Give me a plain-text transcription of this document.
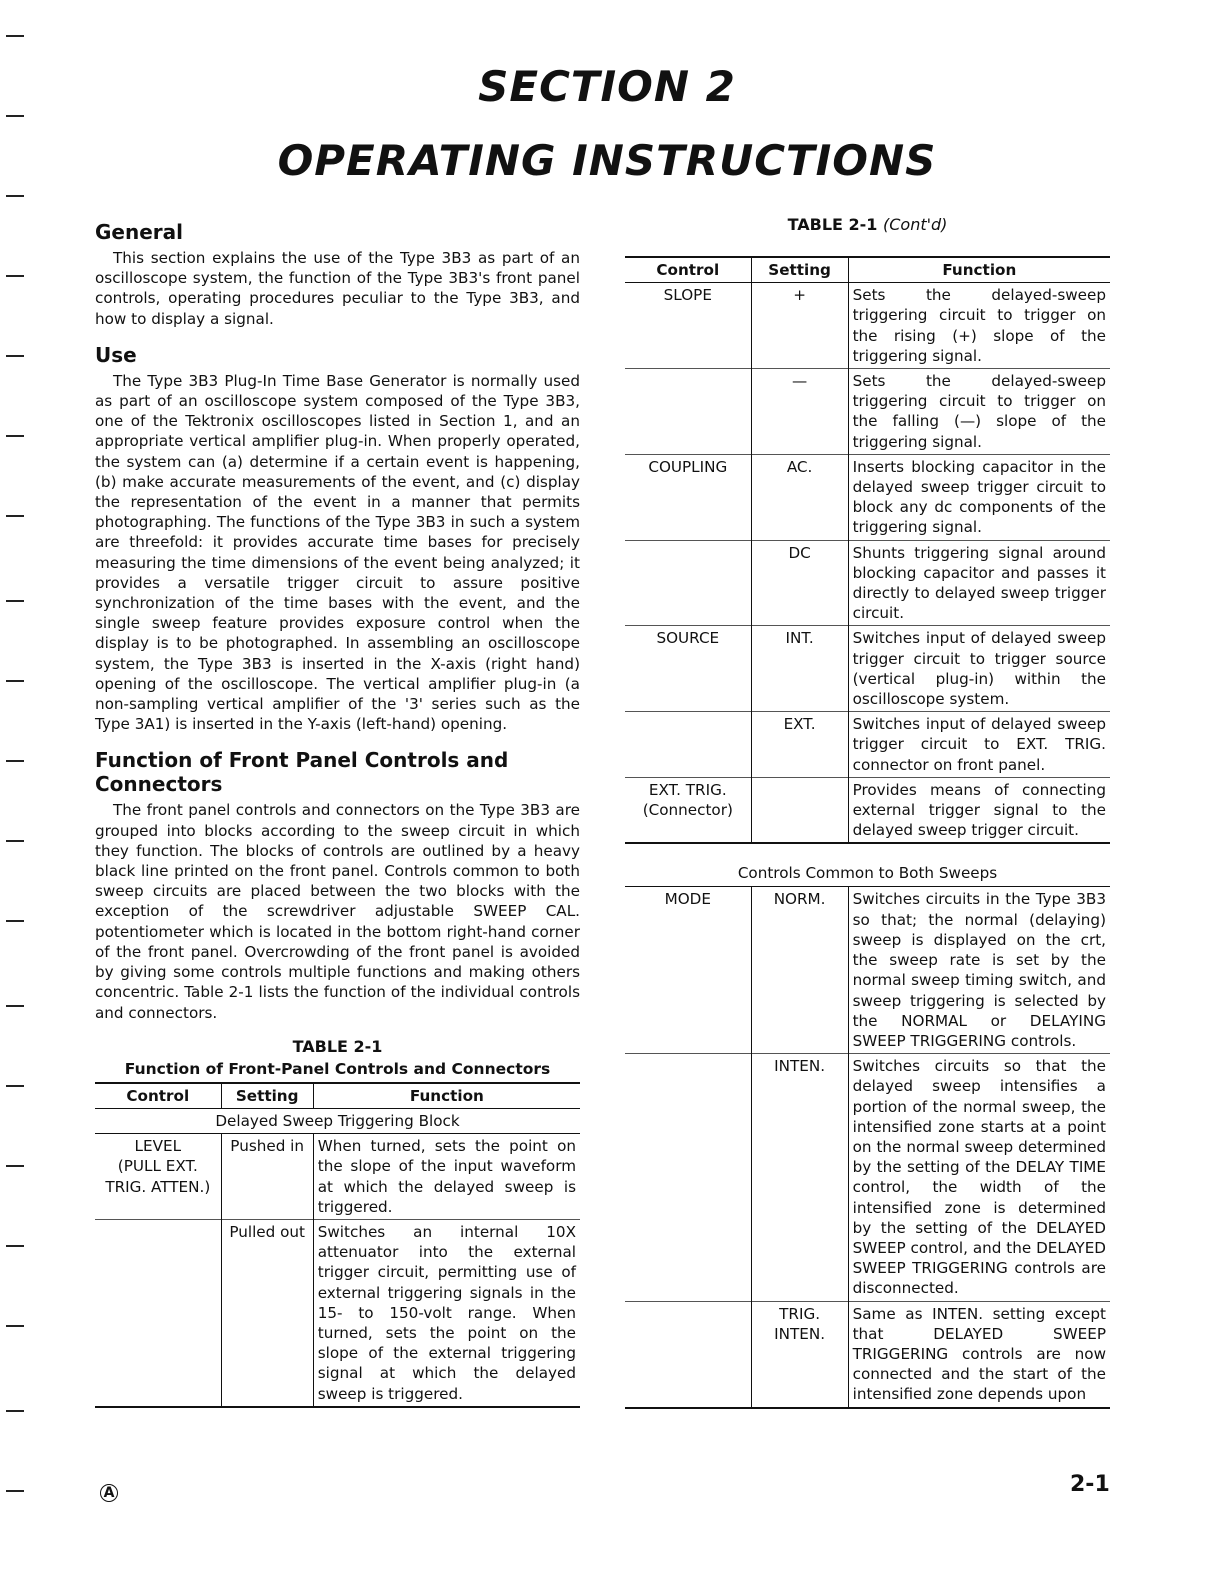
SECTION 2
OPERATING INSTRUCTIONS
General

This section explains the use of the Type 3B3 as part of an oscilloscope system, the function of the Type 3B3's front panel controls, operating procedures peculiar to the Type 3B3, and how to display a signal.

Use

The Type 3B3 Plug-In Time Base Generator is normally used as part of an oscilloscope system composed of the Type 3B3, one of the Tektronix oscilloscopes listed in Section 1, and an appropriate vertical amplifier plug-in. When properly operated, the system can (a) determine if a certain event is happening, (b) make accurate measurements of the event, and (c) display the representation of the event in a manner that permits photographing. The functions of the Type 3B3 in such a system are threefold: it provides accurate time bases for precisely measuring the time dimensions of the event being analyzed; it provides a versatile trigger circuit to assure positive synchronization of the time bases with the event, and the single sweep feature provides exposure control when the display is to be photographed. In assembling an oscilloscope system, the Type 3B3 is inserted in the X-axis (right hand) opening of the oscilloscope. The vertical amplifier plug-in (a non-sampling vertical amplifier of the '3' series such as the Type 3A1) is inserted in the Y-axis (left-hand) opening.

Function of Front Panel Controls and Connectors

The front panel controls and connectors on the Type 3B3 are grouped into blocks according to the sweep circuit in which they function. The blocks of controls are outlined by a heavy black line printed on the front panel. Controls common to both sweep circuits are placed between the two blocks with the exception of the screwdriver adjustable SWEEP CAL. potentiometer which is located in the bottom right-hand corner of the front panel. Overcrowding of the front panel is avoided by giving some controls multiple functions and making others concentric. Table 2-1 lists the function of the individual controls and connectors.

TABLE 2-1

Function of Front-Panel Controls and Connectors

Control	Setting	Function
Delayed Sweep Triggering Block		
LEVEL
(PULL EXT.
TRIG. ATTEN.)	Pushed in	When turned, sets the point on the slope of the input waveform at which the delayed sweep is triggered.
	Pulled out	Switches an internal 10X attenuator into the external trigger circuit, permitting use of external triggering signals in the 15- to 150-volt range. When turned, sets the point on the slope of the external triggering signal at which the delayed sweep is triggered.

TABLE 2-1 (Cont'd)

Control	Setting	Function
SLOPE	+	Sets the delayed-sweep triggering circuit to trigger on the rising (+) slope of the triggering signal.
	—	Sets the delayed-sweep triggering circuit to trigger on the falling (—) slope of the triggering signal.
COUPLING	AC.	Inserts blocking capacitor in the delayed sweep trigger circuit to block any dc components of the triggering signal.
	DC	Shunts triggering signal around blocking capacitor and passes it directly to delayed sweep trigger circuit.
SOURCE	INT.	Switches input of delayed sweep trigger circuit to trigger source (vertical plug-in) within the oscilloscope system.
	EXT.	Switches input of delayed sweep trigger circuit to EXT. TRIG. connector on front panel.
EXT. TRIG.
(Connector)		Provides means of connecting external trigger signal to the delayed sweep trigger circuit.

Controls Common to Both Sweeps

MODE	NORM.	Switches circuits in the Type 3B3 so that; the normal (delaying) sweep is displayed on the crt, the sweep rate is set by the normal sweep timing switch, and sweep triggering is selected by the NORMAL or DELAYING SWEEP TRIGGERING controls.
	INTEN.	Switches circuits so that the delayed sweep intensifies a portion of the normal sweep, the intensified zone starts at a point on the normal sweep determined by the setting of the DELAY TIME control, the width of the intensified zone is determined by the setting of the DELAYED SWEEP control, and the DELAYED SWEEP TRIGGERING controls are disconnected.
	TRIG.
INTEN.	Same as INTEN. setting except that DELAYED SWEEP TRIGGERING controls are now connected and the start of the intensified zone depends upon
A	2-1
